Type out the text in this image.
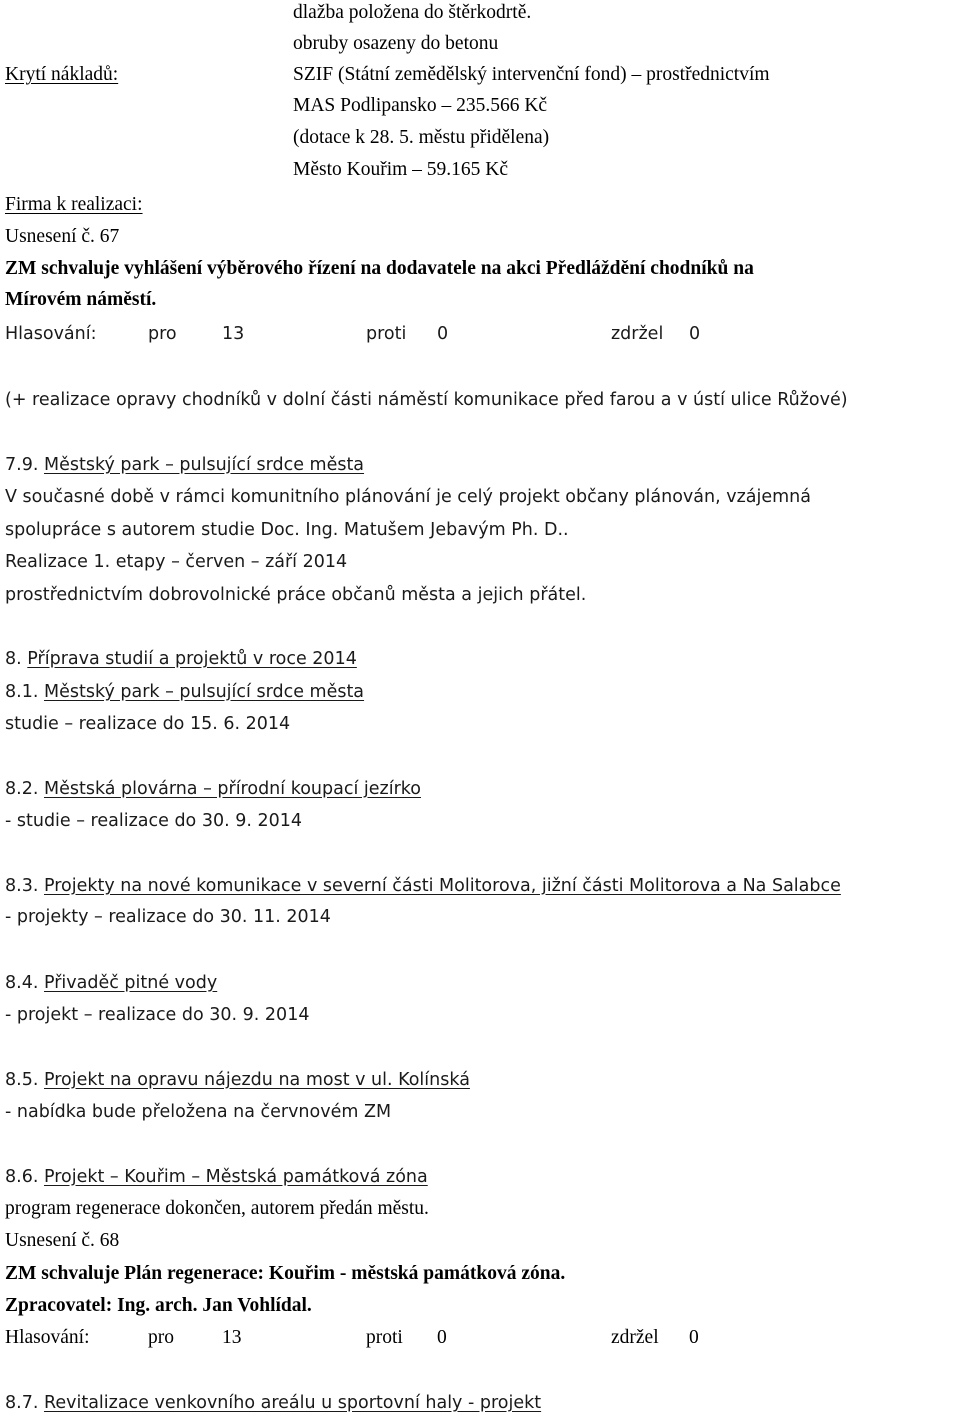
dlažba položena do štěrkodrtě.
obruby osazeny do betonu
Krytí nákladů:	SZIF (Státní zemědělský intervenční fond) – prostřednictvím
MAS Podlipansko – 235.566 Kč
(dotace k 28. 5. městu přidělena)
Město Kouřim – 59.165 Kč
Firma k realizaci:
Usnesení č. 67
ZM schvaluje vyhlášení výběrového řízení na dodavatele na akci Předláždění chodníků na
Mírovém náměstí.
Hlasování:	pro	13	proti 0	zdržel 0
(+ realizace opravy chodníků v dolní části náměstí komunikace před farou a v ústí ulice Růžové)
7.9. Městský park – pulsující srdce města
V současné době v rámci komunitního plánování je celý projekt občany plánován, vzájemná
spolupráce s autorem studie Doc. Ing. Matušem Jebavým Ph. D..
Realizace 1. etapy – červen – září 2014
prostřednictvím dobrovolnické práce občanů města a jejich přátel.
8. Příprava studií a projektů v roce 2014
8.1. Městský park – pulsující srdce města
studie – realizace do 15. 6. 2014
8.2. Městská plovárna – přírodní koupací jezírko
- studie – realizace do 30. 9. 2014
8.3. Projekty na nové komunikace v severní části Molitorova, jižní části Molitorova a Na Salabce
- projekty – realizace do 30. 11. 2014
8.4. Přivaděč pitné vody
- projekt – realizace do 30. 9. 2014
8.5. Projekt na opravu nájezdu na most v ul. Kolínská
- nabídka bude přeložena na červnovém ZM
8.6. Projekt – Kouřim – Městská památková zóna
program regenerace dokončen, autorem předán městu.
Usnesení č. 68
ZM schvaluje Plán regenerace: Kouřim - městská památková zóna.
Zpracovatel: Ing. arch. Jan Vohlídal.
Hlasování:	pro 13	proti 0	zdržel 0
8.7. Revitalizace venkovního areálu u sportovní haly - projekt
